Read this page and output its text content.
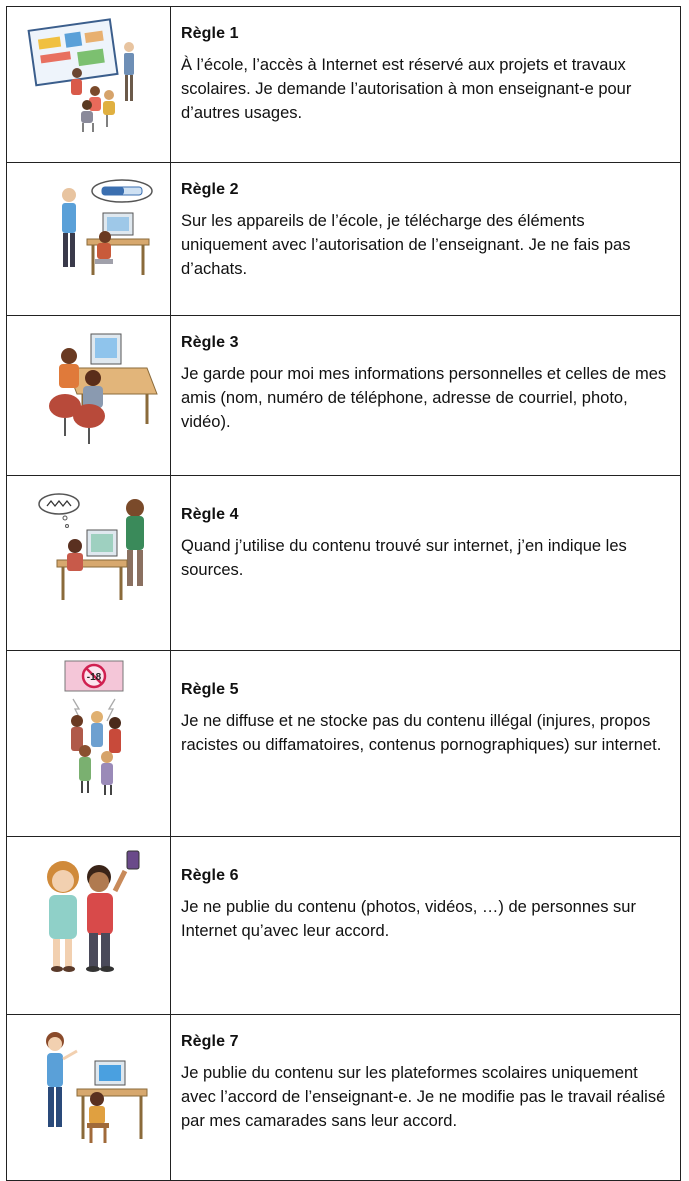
Règle 1

À l’école, l’accès à Internet est réservé aux projets et travaux scolaires. Je demande l’autorisation à mon enseignant-e pour d’autres usages.

Règle 2

Sur les appareils de l’école, je télécharge des éléments uniquement avec l’autorisation de l’enseignant. Je ne fais pas d’achats.

Règle 3

Je garde pour moi mes informations personnelles et celles de mes amis (nom, numéro de téléphone, adresse de courriel, photo, vidéo).

Règle 4

Quand j’utilise du contenu trouvé sur internet, j’en indique les sources.

-18	Règle 5

Je ne diffuse et ne stocke pas du contenu illégal (injures, propos racistes ou diffamatoires, contenus pornographiques) sur internet.

Règle 6

Je ne publie du contenu (photos, vidéos, …) de personnes sur Internet qu’avec leur accord.

Règle 7

Je publie du contenu sur les plateformes scolaires uniquement avec l’accord de l’enseignant-e. Je ne modifie pas le travail réalisé par mes camarades sans leur accord.
